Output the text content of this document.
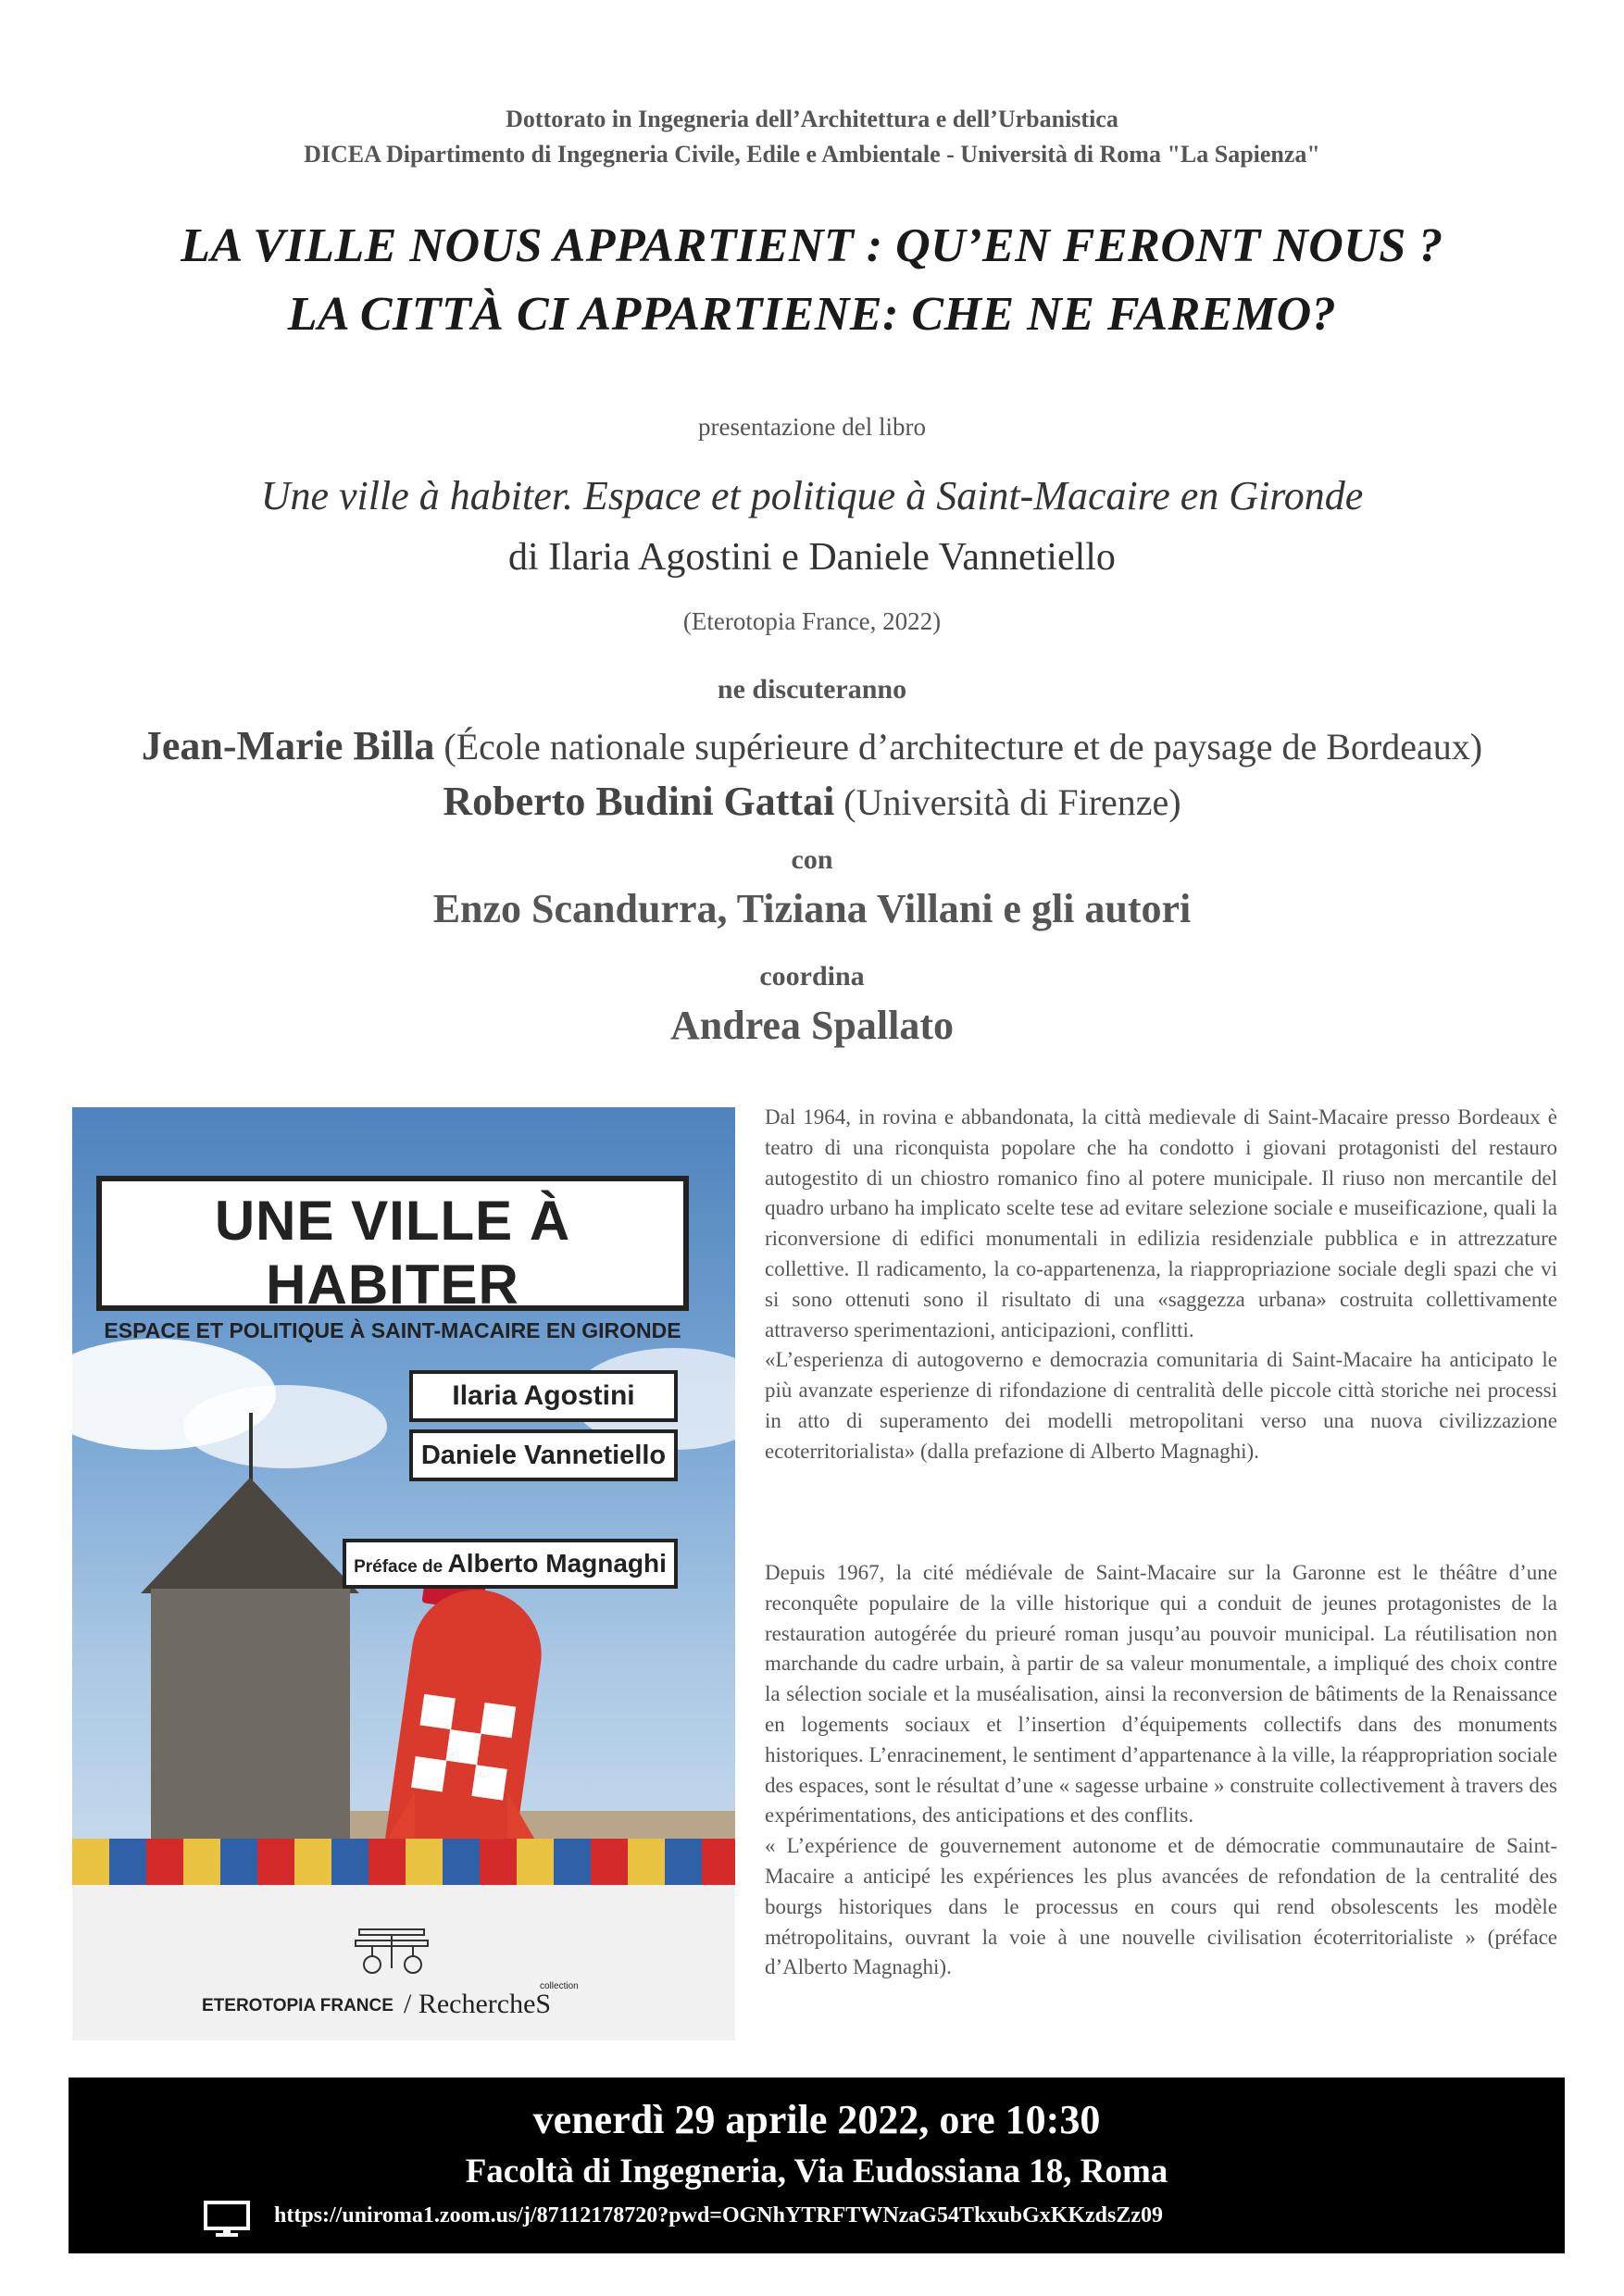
Dottorato in Ingegneria dell’Architettura e dell’Urbanistica
DICEA Dipartimento di Ingegneria Civile, Edile e Ambientale - Università di Roma "La Sapienza"
LA VILLE NOUS APPARTIENT : QU’EN FERONT NOUS ?
LA CITTÀ CI APPARTIENE: CHE NE FAREMO?
presentazione del libro
Une ville à habiter. Espace et politique à Saint-Macaire en Gironde
di Ilaria Agostini e Daniele Vannetiello
(Eterotopia France, 2022)
ne discuteranno
Jean-Marie Billa (École nationale supérieure d’architecture et de paysage de Bordeaux)
Roberto Budini Gattai (Università di Firenze)
con
Enzo Scandurra, Tiziana Villani e gli autori
coordina
Andrea Spallato
UNE VILLE À HABITER
ESPACE ET POLITIQUE À SAINT-MACAIRE EN GIRONDE
Ilaria Agostini
Daniele Vannetiello
Préface de Alberto Magnaghi
ETEROTOPIA FRANCE / RechercheS
collection
Dal 1964, in rovina e abbandonata, la città medievale di Saint-Macaire presso Bordeaux è teatro di una riconquista popolare che ha condotto i giovani protagonisti del restauro autogestito di un chiostro romanico fino al potere municipale. Il riuso non mercantile del quadro urbano ha implicato scelte tese ad evitare selezione sociale e museificazione, quali la riconversione di edifici monumentali in edilizia residenziale pubblica e in attrezzature collettive. Il radicamento, la co-appartenenza, la riappropriazione sociale degli spazi che vi si sono ottenuti sono il risultato di una «saggezza urbana» costruita collettivamente attraverso sperimentazioni, anticipazioni, conflitti.
«L’esperienza di autogoverno e democrazia comunitaria di Saint-Macaire ha anticipato le più avanzate esperienze di rifondazione di centralità delle piccole città storiche nei processi in atto di superamento dei modelli metropolitani verso una nuova civilizzazione ecoterritorialista» (dalla prefazione di Alberto Magnaghi).
Depuis 1967, la cité médiévale de Saint-Macaire sur la Garonne est le théâtre d’une reconquête populaire de la ville historique qui a conduit de jeunes protagonistes de la restauration autogérée du prieuré roman jusqu’au pouvoir municipal. La réutilisation non marchande du cadre urbain, à partir de sa valeur monumentale, a impliqué des choix contre la sélection sociale et la muséalisation, ainsi la reconversion de bâtiments de la Renaissance en logements sociaux et l’insertion d’équipements collectifs dans des monuments historiques. L’enracinement, le sentiment d’appartenance à la ville, la réappropriation sociale des espaces, sont le résultat d’une « sagesse urbaine » construite collectivement à travers des expérimentations, des anticipations et des conflits.
« L’expérience de gouvernement autonome et de démocratie communautaire de Saint-Macaire a anticipé les expériences les plus avancées de refondation de la centralité des bourgs historiques dans le processus en cours qui rend obsolescents les modèle métropolitains, ouvrant la voie à une nouvelle civilisation écoterritorialiste » (préface d’Alberto Magnaghi).
venerdì 29 aprile 2022, ore 10:30
Facoltà di Ingegneria, Via Eudossiana 18, Roma
https://uniroma1.zoom.us/j/87112178720?pwd=OGNhYTRFTWNzaG54TkxubGxKKzdsZz09
